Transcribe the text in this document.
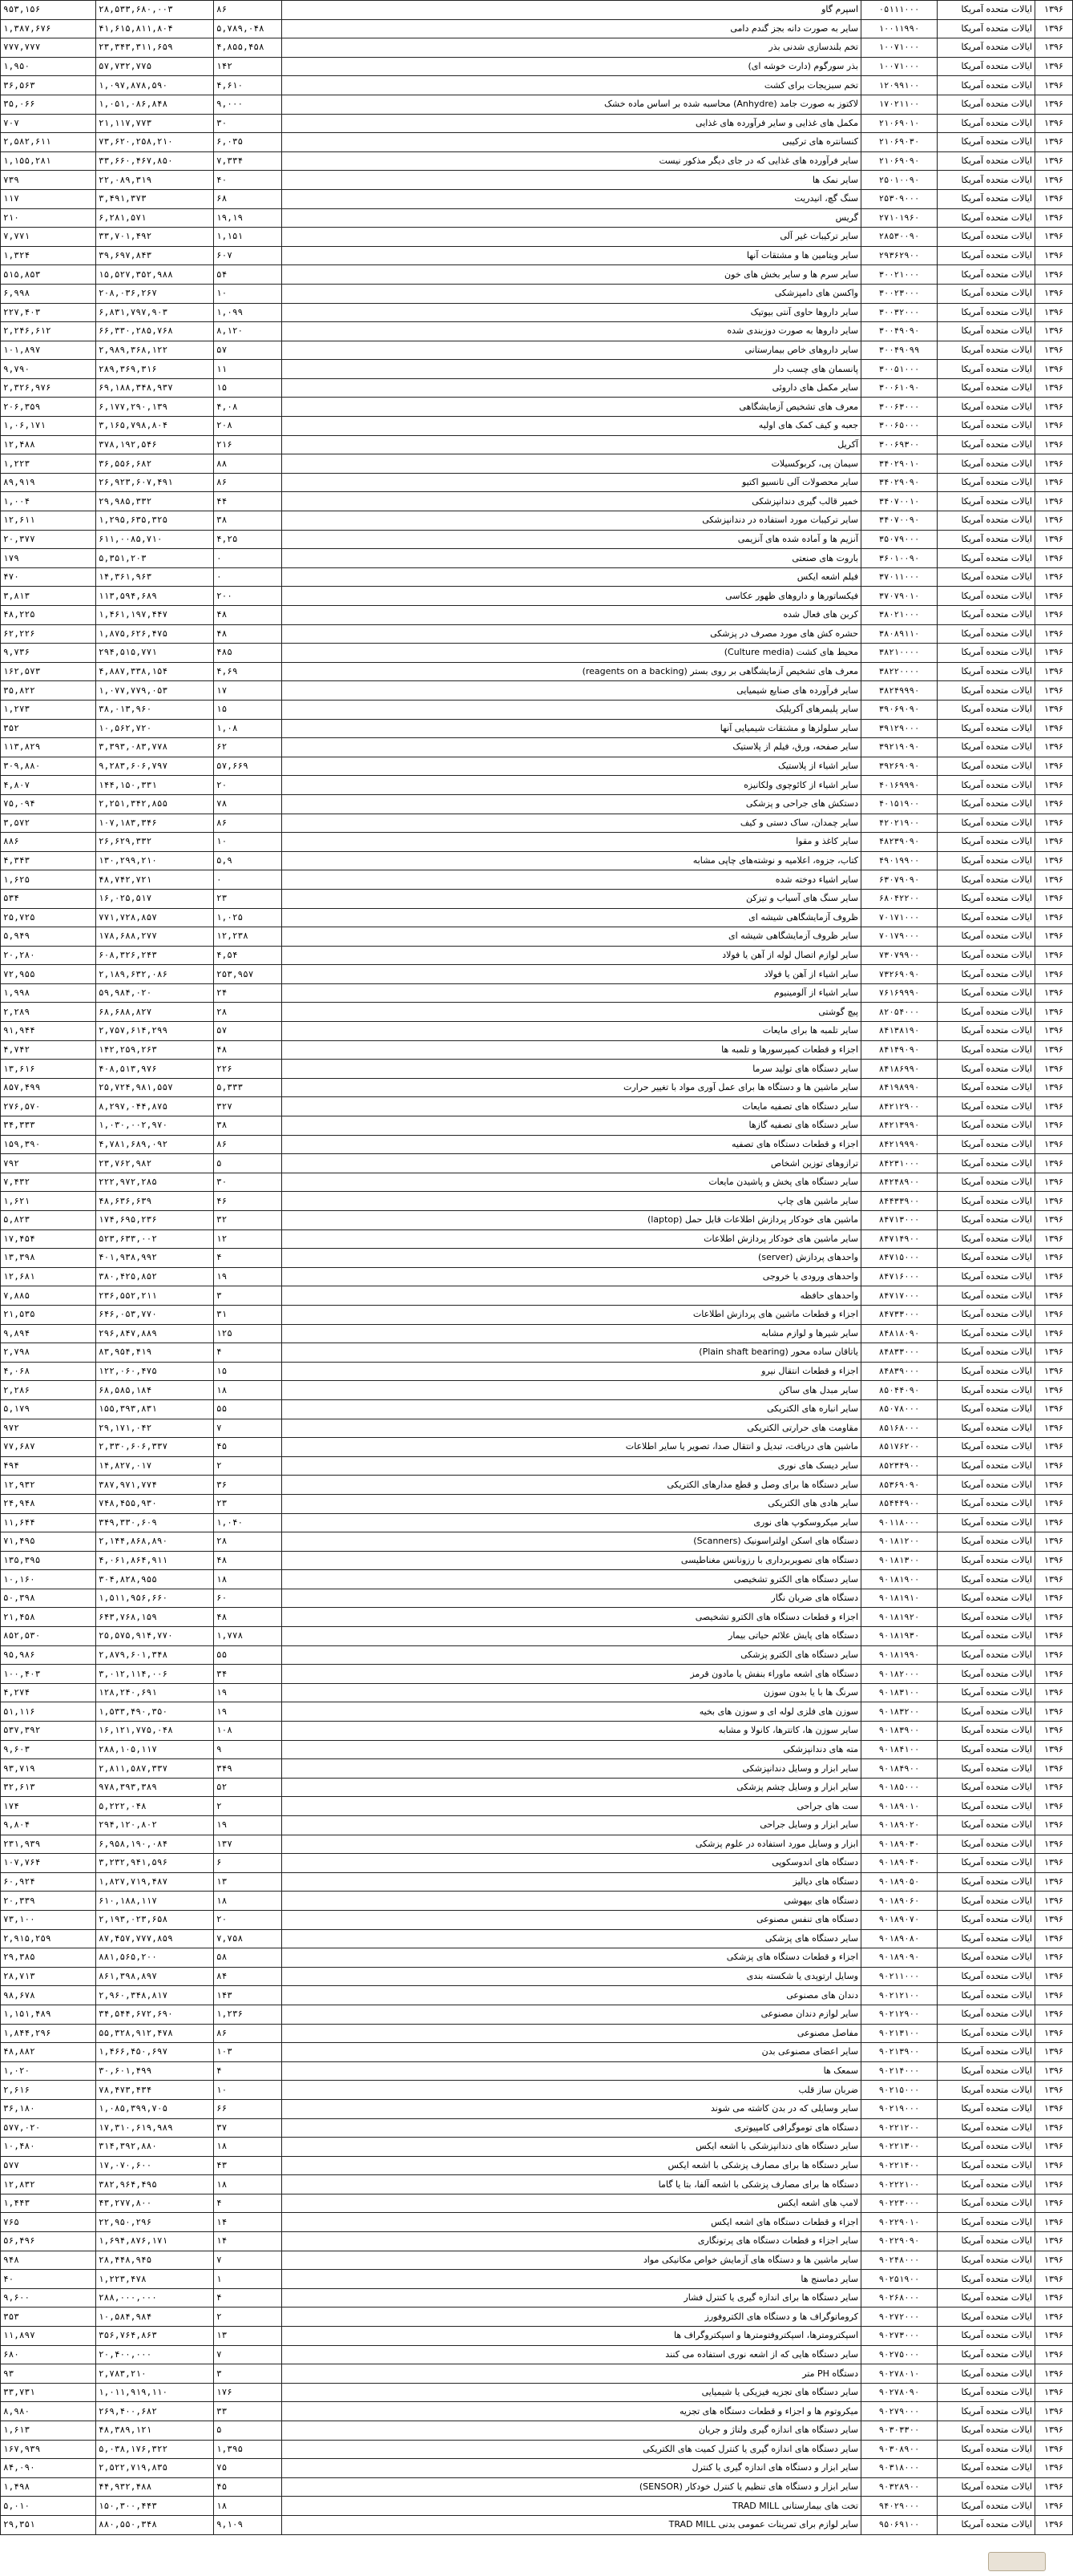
۱۳۹۶	ایالات متحده آمریکا	۰۵۱۱۱۰۰۰	اسپرم گاو	۸۶	۲۸,۵۳۳,۶۸۰,۰۰۳	۹۵۳,۱۵۶
۱۳۹۶	ایالات متحده آمریکا	۱۰۰۱۱۹۹۰	سایر به صورت دانه بجز گندم دامی	۵,۷۸۹,۰۴۸	۴۱,۶۱۵,۸۱۱,۸۰۴	۱,۳۸۷,۶۷۶
۱۳۹۶	ایالات متحده آمریکا	۱۰۰۷۱۰۰۰	تخم بلندسازی شدنی بذر	۴,۸۵۵,۴۵۸	۲۳,۳۴۳,۳۱۱,۶۵۹	۷۷۷,۷۷۷
۱۳۹۶	ایالات متحده آمریکا	۱۰۰۷۱۰۰۰	بذر سورگوم (دارت خوشه ای)	۱۴۲	۵۷,۷۳۲,۷۷۵	۱,۹۵۰
۱۳۹۶	ایالات متحده آمریکا	۱۲۰۹۹۱۰۰	تخم سبزیجات برای کشت	۴,۶۱۰	۱,۰۹۷,۸۷۸,۵۹۰	۳۶,۵۶۳
۱۳۹۶	ایالات متحده آمریکا	۱۷۰۲۱۱۰۰	لاکتوز به صورت جامد (Anhydre) محاسبه شده بر اساس ماده خشک	۹,۰۰۰	۱,۰۵۱,۰۸۶,۸۴۸	۳۵,۰۶۶
۱۳۹۶	ایالات متحده آمریکا	۲۱۰۶۹۰۱۰	مکمل های غذایی و سایر فرآورده های غذایی	۳۰	۲۱,۱۱۷,۷۷۳	۷۰۷
۱۳۹۶	ایالات متحده آمریکا	۲۱۰۶۹۰۳۰	کنسانتره های ترکیبی	۶,۰۳۵	۷۳,۶۲۰,۲۵۸,۲۱۰	۲,۵۸۲,۶۱۱
۱۳۹۶	ایالات متحده آمریکا	۲۱۰۶۹۰۹۰	سایر فرآورده های غذایی که در جای دیگر مذکور نیست	۷,۳۳۴	۳۳,۶۶۰,۴۶۷,۸۵۰	۱,۱۵۵,۲۸۱
۱۳۹۶	ایالات متحده آمریکا	۲۵۰۱۰۰۹۰	سایر نمک ها	۴۰	۲۲,۰۸۹,۳۱۹	۷۳۹
۱۳۹۶	ایالات متحده آمریکا	۲۵۳۰۹۰۰۰	سنگ گچ، انیدریت	۶۸	۳,۴۹۱,۳۷۳	۱۱۷
۱۳۹۶	ایالات متحده آمریکا	۲۷۱۰۱۹۶۰	گریس	۱۹,۱۹	۶,۲۸۱,۵۷۱	۲۱۰
۱۳۹۶	ایالات متحده آمریکا	۲۸۵۳۰۰۹۰	سایر ترکیبات غیر آلی	۱,۱۵۱	۳۳,۷۰۱,۴۹۲	۷,۷۷۱
۱۳۹۶	ایالات متحده آمریکا	۲۹۳۶۲۹۰۰	سایر ویتامین ها و مشتقات آنها	۶۰۷	۳۹,۶۹۷,۸۴۳	۱,۳۲۴
۱۳۹۶	ایالات متحده آمریکا	۳۰۰۲۱۰۰۰	سایر سرم ها و سایر بخش های خون	۵۴	۱۵,۵۲۷,۳۵۲,۹۸۸	۵۱۵,۸۵۳
۱۳۹۶	ایالات متحده آمریکا	۳۰۰۲۳۰۰۰	واکسن های دامپزشکی	۱۰	۲۰۸,۰۳۶,۲۶۷	۶,۹۹۸
۱۳۹۶	ایالات متحده آمریکا	۳۰۰۳۲۰۰۰	سایر داروها حاوی آنتی بیوتیک	۱,۰۹۹	۶,۸۳۱,۷۹۷,۹۰۳	۲۲۷,۴۰۳
۱۳۹۶	ایالات متحده آمریکا	۳۰۰۴۹۰۹۰	سایر داروها به صورت دوزبندی شده	۸,۱۲۰	۶۶,۳۳۰,۲۸۵,۷۶۸	۲,۲۴۶,۶۱۲
۱۳۹۶	ایالات متحده آمریکا	۳۰۰۴۹۰۹۹	سایر داروهای خاص بیمارستانی	۵۷	۲,۹۸۹,۳۶۸,۱۲۲	۱۰۱,۸۹۷
۱۳۹۶	ایالات متحده آمریکا	۳۰۰۵۱۰۰۰	پانسمان های چسب دار	۱۱	۲۸۹,۳۶۹,۳۱۶	۹,۷۹۰
۱۳۹۶	ایالات متحده آمریکا	۳۰۰۶۱۰۹۰	سایر مکمل های داروئی	۱۵	۶۹,۱۸۸,۳۴۸,۹۳۷	۲,۳۲۶,۹۷۶
۱۳۹۶	ایالات متحده آمریکا	۳۰۰۶۳۰۰۰	معرف های تشخیص آزمایشگاهی	۴,۰۸	۶,۱۷۷,۲۹۰,۱۳۹	۲۰۶,۳۵۹
۱۳۹۶	ایالات متحده آمریکا	۳۰۰۶۵۰۰۰	جعبه و کیف کمک های اولیه	۲۰۸	۳,۱۶۵,۷۹۸,۸۰۴	۱,۰۶,۱۷۱
۱۳۹۶	ایالات متحده آمریکا	۳۰۰۶۹۳۰۰	آکریل	۲۱۶	۳۷۸,۱۹۲,۵۴۶	۱۲,۴۸۸
۱۳۹۶	ایالات متحده آمریکا	۳۴۰۲۹۰۱۰	سیمان پی، کربوکسیلات	۸۸	۳۶,۵۵۶,۶۸۲	۱,۲۲۳
۱۳۹۶	ایالات متحده آمریکا	۳۴۰۲۹۰۹۰	سایر محصولات آلی تانسیو اکتیو	۸۶	۲۶,۹۲۳,۶۰۷,۴۹۱	۸۹,۹۱۹
۱۳۹۶	ایالات متحده آمریکا	۳۴۰۷۰۰۱۰	خمیر قالب گیری دندانپزشکی	۴۴	۲۹,۹۸۵,۳۳۲	۱,۰۰۴
۱۳۹۶	ایالات متحده آمریکا	۳۴۰۷۰۰۹۰	سایر ترکیبات مورد استفاده در دندانپزشکی	۳۸	۱,۲۹۵,۶۳۵,۳۲۵	۱۲,۶۱۱
۱۳۹۶	ایالات متحده آمریکا	۳۵۰۷۹۰۰۰	آنزیم ها و آماده شده های آنزیمی	۴,۲۵	۶۱۱,۰۰۸۵,۷۱۰	۲۰,۳۷۷
۱۳۹۶	ایالات متحده آمریکا	۳۶۰۱۰۰۹۰	باروت های صنعتی	۰	۵,۳۵۱,۲۰۳	۱۷۹
۱۳۹۶	ایالات متحده آمریکا	۳۷۰۱۱۰۰۰	فیلم اشعه ایکس	۰	۱۴,۳۶۱,۹۶۳	۴۷۰
۱۳۹۶	ایالات متحده آمریکا	۳۷۰۷۹۰۱۰	فیکساتورها و داروهای ظهور عکاسی	۲۰۰	۱۱۳,۵۹۴,۶۸۹	۳,۸۱۳
۱۳۹۶	ایالات متحده آمریکا	۳۸۰۲۱۰۰۰	کربن های فعال شده	۴۸	۱,۴۶۱,۱۹۷,۴۴۷	۴۸,۲۲۵
۱۳۹۶	ایالات متحده آمریکا	۳۸۰۸۹۱۱۰	حشره کش های مورد مصرف در پزشکی	۴۸	۱,۸۷۵,۶۲۶,۴۷۵	۶۲,۲۲۶
۱۳۹۶	ایالات متحده آمریکا	۳۸۲۱۰۰۰۰	محیط های کشت (Culture media)	۴۸۵	۲۹۴,۵۱۵,۷۷۱	۹,۷۳۶
۱۳۹۶	ایالات متحده آمریکا	۳۸۲۲۰۰۰۰	معرف های تشخیص آزمایشگاهی بر روی بستر (reagents on a backing)	۴,۶۹	۴,۸۸۷,۳۳۸,۱۵۴	۱۶۲,۵۷۳
۱۳۹۶	ایالات متحده آمریکا	۳۸۲۴۹۹۹۰	سایر فرآورده های صنایع شیمیایی	۱۷	۱,۰۷۷,۷۷۹,۰۵۳	۳۵,۸۲۲
۱۳۹۶	ایالات متحده آمریکا	۳۹۰۶۹۰۹۰	سایر پلیمرهای آکریلیک	۱۵	۳۸,۰۱۳,۹۶۰	۱,۲۷۳
۱۳۹۶	ایالات متحده آمریکا	۳۹۱۲۹۰۰۰	سایر سلولزها و مشتقات شیمیایی آنها	۱,۰۸	۱۰,۵۶۲,۷۲۰	۳۵۲
۱۳۹۶	ایالات متحده آمریکا	۳۹۲۱۹۰۹۰	سایر صفحه، ورق، فیلم از پلاستیک	۶۲	۳,۳۹۳,۰۸۳,۷۷۸	۱۱۳,۸۲۹
۱۳۹۶	ایالات متحده آمریکا	۳۹۲۶۹۰۹۰	سایر اشیاء از پلاستیک	۵۷,۶۶۹	۹,۲۸۳,۶۰۶,۷۹۷	۳۰۹,۸۸۰
۱۳۹۶	ایالات متحده آمریکا	۴۰۱۶۹۹۹۰	سایر اشیاء از کائوچوی ولکانیزه	۲۰	۱۴۴,۱۵۰,۳۳۱	۴,۸۰۷
۱۳۹۶	ایالات متحده آمریکا	۴۰۱۵۱۹۰۰	دستکش های جراحی و پزشکی	۷۸	۲,۲۵۱,۳۴۲,۸۵۵	۷۵,۰۹۴
۱۳۹۶	ایالات متحده آمریکا	۴۲۰۲۱۹۰۰	سایر چمدان، ساک دستی و کیف	۸۶	۱۰۷,۱۸۳,۳۴۶	۳,۵۷۲
۱۳۹۶	ایالات متحده آمریکا	۴۸۲۳۹۰۹۰	سایر کاغذ و مقوا	۱۰	۲۶,۶۲۹,۳۳۲	۸۸۶
۱۳۹۶	ایالات متحده آمریکا	۴۹۰۱۹۹۰۰	کتاب، جزوه، اعلامیه و نوشته‌های چاپی مشابه	۵,۹	۱۳۰,۲۹۹,۲۱۰	۴,۳۴۳
۱۳۹۶	ایالات متحده آمریکا	۶۳۰۷۹۰۹۰	سایر اشیاء دوخته شده	۰	۴۸,۷۴۲,۷۲۱	۱,۶۲۵
۱۳۹۶	ایالات متحده آمریکا	۶۸۰۴۲۲۰۰	سایر سنگ های آسیاب و تیزکن	۲۳	۱۶,۰۲۵,۵۱۷	۵۳۴
۱۳۹۶	ایالات متحده آمریکا	۷۰۱۷۱۰۰۰	ظروف آزمایشگاهی شیشه ای	۱,۰۲۵	۷۷۱,۷۲۸,۸۵۷	۲۵,۷۲۵
۱۳۹۶	ایالات متحده آمریکا	۷۰۱۷۹۰۰۰	سایر ظروف آزمایشگاهی شیشه ای	۱۲,۲۳۸	۱۷۸,۶۸۸,۲۷۷	۵,۹۴۹
۱۳۹۶	ایالات متحده آمریکا	۷۳۰۷۹۹۰۰	سایر لوازم اتصال لوله از آهن یا فولاد	۴,۵۴	۶۰۸,۳۲۶,۲۴۳	۲۰,۲۸۰
۱۳۹۶	ایالات متحده آمریکا	۷۳۲۶۹۰۹۰	سایر اشیاء از آهن یا فولاد	۲۵۳,۹۵۷	۲,۱۸۹,۶۳۲,۰۸۶	۷۲,۹۵۵
۱۳۹۶	ایالات متحده آمریکا	۷۶۱۶۹۹۹۰	سایر اشیاء از آلومینیوم	۲۴	۵۹,۹۸۴,۰۲۰	۱,۹۹۸
۱۳۹۶	ایالات متحده آمریکا	۸۲۰۵۴۰۰۰	پیچ گوشتی	۲۸	۶۸,۶۸۸,۸۲۷	۲,۲۸۹
۱۳۹۶	ایالات متحده آمریکا	۸۴۱۳۸۱۹۰	سایر تلمبه ها برای مایعات	۵۷	۲,۷۵۷,۶۱۴,۲۹۹	۹۱,۹۴۴
۱۳۹۶	ایالات متحده آمریکا	۸۴۱۴۹۰۹۰	اجزاء و قطعات کمپرسورها و تلمبه ها	۴۸	۱۴۲,۲۵۹,۲۶۳	۴,۷۴۲
۱۳۹۶	ایالات متحده آمریکا	۸۴۱۸۶۹۹۰	سایر دستگاه های تولید سرما	۲۲۶	۴۰۸,۵۱۳,۹۷۶	۱۳,۶۱۶
۱۳۹۶	ایالات متحده آمریکا	۸۴۱۹۸۹۹۰	سایر ماشین ها و دستگاه ها برای عمل آوری مواد با تغییر حرارت	۵,۳۳۳	۲۵,۷۲۴,۹۸۱,۵۵۷	۸۵۷,۴۹۹
۱۳۹۶	ایالات متحده آمریکا	۸۴۲۱۲۹۰۰	سایر دستگاه های تصفیه مایعات	۳۲۷	۸,۲۹۷,۰۴۴,۸۷۵	۲۷۶,۵۷۰
۱۳۹۶	ایالات متحده آمریکا	۸۴۲۱۳۹۹۰	سایر دستگاه های تصفیه گازها	۳۸	۱,۰۳۰,۰۰۲,۹۷۰	۳۴,۳۳۳
۱۳۹۶	ایالات متحده آمریکا	۸۴۲۱۹۹۹۰	اجزاء و قطعات دستگاه های تصفیه	۸۶	۴,۷۸۱,۶۸۹,۰۹۲	۱۵۹,۳۹۰
۱۳۹۶	ایالات متحده آمریکا	۸۴۲۳۱۰۰۰	ترازوهای توزین اشخاص	۵	۲۳,۷۶۲,۹۸۲	۷۹۲
۱۳۹۶	ایالات متحده آمریکا	۸۴۲۴۸۹۰۰	سایر دستگاه های پخش و پاشیدن مایعات	۳۰	۲۲۲,۹۷۲,۲۸۵	۷,۴۳۲
۱۳۹۶	ایالات متحده آمریکا	۸۴۴۳۳۹۰۰	سایر ماشین های چاپ	۴۶	۴۸,۶۳۶,۶۳۹	۱,۶۲۱
۱۳۹۶	ایالات متحده آمریکا	۸۴۷۱۳۰۰۰	ماشین های خودکار پردازش اطلاعات قابل حمل (laptop)	۳۲	۱۷۴,۶۹۵,۲۳۶	۵,۸۲۳
۱۳۹۶	ایالات متحده آمریکا	۸۴۷۱۴۹۰۰	سایر ماشین های خودکار پردازش اطلاعات	۱۲	۵۲۳,۶۳۳,۰۰۲	۱۷,۴۵۴
۱۳۹۶	ایالات متحده آمریکا	۸۴۷۱۵۰۰۰	واحدهای پردازش (server)	۴	۴۰۱,۹۳۸,۹۹۲	۱۳,۳۹۸
۱۳۹۶	ایالات متحده آمریکا	۸۴۷۱۶۰۰۰	واحدهای ورودی یا خروجی	۱۹	۳۸۰,۴۲۵,۸۵۲	۱۲,۶۸۱
۱۳۹۶	ایالات متحده آمریکا	۸۴۷۱۷۰۰۰	واحدهای حافظه	۳	۲۳۶,۵۵۲,۲۱۱	۷,۸۸۵
۱۳۹۶	ایالات متحده آمریکا	۸۴۷۳۳۰۰۰	اجزاء و قطعات ماشین های پردازش اطلاعات	۳۱	۶۴۶,۰۵۳,۷۷۰	۲۱,۵۳۵
۱۳۹۶	ایالات متحده آمریکا	۸۴۸۱۸۰۹۰	سایر شیرها و لوازم مشابه	۱۲۵	۲۹۶,۸۴۷,۸۸۹	۹,۸۹۴
۱۳۹۶	ایالات متحده آمریکا	۸۴۸۳۳۰۰۰	یاتاقان ساده محور (Plain shaft bearing)	۴	۸۳,۹۵۴,۴۱۹	۲,۷۹۸
۱۳۹۶	ایالات متحده آمریکا	۸۴۸۳۹۰۰۰	اجزاء و قطعات انتقال نیرو	۱۵	۱۲۲,۰۶۰,۴۷۵	۴,۰۶۸
۱۳۹۶	ایالات متحده آمریکا	۸۵۰۴۴۰۹۰	سایر مبدل های ساکن	۱۸	۶۸,۵۸۵,۱۸۴	۲,۲۸۶
۱۳۹۶	ایالات متحده آمریکا	۸۵۰۷۸۰۰۰	سایر انباره های الکتریکی	۵۵	۱۵۵,۳۹۳,۸۳۱	۵,۱۷۹
۱۳۹۶	ایالات متحده آمریکا	۸۵۱۶۸۰۰۰	مقاومت های حرارتی الکتریکی	۷	۲۹,۱۷۱,۰۴۲	۹۷۲
۱۳۹۶	ایالات متحده آمریکا	۸۵۱۷۶۲۰۰	ماشین های دریافت، تبدیل و انتقال صدا، تصویر یا سایر اطلاعات	۴۵	۲,۳۳۰,۶۰۶,۳۳۷	۷۷,۶۸۷
۱۳۹۶	ایالات متحده آمریکا	۸۵۲۳۴۹۰۰	سایر دیسک های نوری	۲	۱۴,۸۲۷,۰۱۷	۴۹۴
۱۳۹۶	ایالات متحده آمریکا	۸۵۳۶۹۰۹۰	سایر دستگاه ها برای وصل و قطع مدارهای الکتریکی	۳۶	۳۸۷,۹۷۱,۷۷۴	۱۲,۹۳۲
۱۳۹۶	ایالات متحده آمریکا	۸۵۴۴۴۹۰۰	سایر هادی های الکتریکی	۲۳	۷۴۸,۴۵۵,۹۳۰	۲۴,۹۴۸
۱۳۹۶	ایالات متحده آمریکا	۹۰۱۱۸۰۰۰	سایر میکروسکوپ های نوری	۱,۰۴۰	۳۴۹,۳۳۰,۶۰۹	۱۱,۶۴۴
۱۳۹۶	ایالات متحده آمریکا	۹۰۱۸۱۲۰۰	دستگاه های اسکن اولتراسونیک (Scanners)	۲۸	۲,۱۴۴,۸۶۸,۸۹۰	۷۱,۴۹۵
۱۳۹۶	ایالات متحده آمریکا	۹۰۱۸۱۳۰۰	دستگاه های تصویربرداری با رزونانس مغناطیسی	۴۸	۴,۰۶۱,۸۶۴,۹۱۱	۱۳۵,۳۹۵
۱۳۹۶	ایالات متحده آمریکا	۹۰۱۸۱۹۰۰	سایر دستگاه های الکترو تشخیصی	۱۸	۳۰۴,۸۲۸,۹۵۵	۱۰,۱۶۰
۱۳۹۶	ایالات متحده آمریکا	۹۰۱۸۱۹۱۰	دستگاه های ضربان نگار	۶۰	۱,۵۱۱,۹۵۶,۶۶۰	۵۰,۳۹۸
۱۳۹۶	ایالات متحده آمریکا	۹۰۱۸۱۹۲۰	اجزاء و قطعات دستگاه های الکترو تشخیصی	۴۸	۶۴۳,۷۶۸,۱۵۹	۲۱,۴۵۸
۱۳۹۶	ایالات متحده آمریکا	۹۰۱۸۱۹۳۰	دستگاه های پایش علائم حیاتی بیمار	۱,۷۷۸	۲۵,۵۷۵,۹۱۴,۷۷۰	۸۵۲,۵۳۰
۱۳۹۶	ایالات متحده آمریکا	۹۰۱۸۱۹۹۰	سایر دستگاه های الکترو پزشکی	۵۵	۲,۸۷۹,۶۰۱,۳۴۸	۹۵,۹۸۶
۱۳۹۶	ایالات متحده آمریکا	۹۰۱۸۲۰۰۰	دستگاه های اشعه ماوراء بنفش یا مادون قرمز	۳۴	۳,۰۱۲,۱۱۴,۰۰۶	۱۰۰,۴۰۳
۱۳۹۶	ایالات متحده آمریکا	۹۰۱۸۳۱۰۰	سرنگ ها با یا بدون سوزن	۱۹	۱۲۸,۲۴۰,۶۹۱	۴,۲۷۴
۱۳۹۶	ایالات متحده آمریکا	۹۰۱۸۳۲۰۰	سوزن های فلزی لوله ای و سوزن های بخیه	۱۹	۱,۵۳۳,۴۹۰,۳۵۰	۵۱,۱۱۶
۱۳۹۶	ایالات متحده آمریکا	۹۰۱۸۳۹۰۰	سایر سوزن ها، کاتترها، کانولا و مشابه	۱۰۸	۱۶,۱۲۱,۷۷۵,۰۴۸	۵۳۷,۳۹۲
۱۳۹۶	ایالات متحده آمریکا	۹۰۱۸۴۱۰۰	مته های دندانپزشکی	۹	۲۸۸,۱۰۵,۱۱۷	۹,۶۰۳
۱۳۹۶	ایالات متحده آمریکا	۹۰۱۸۴۹۰۰	سایر ابزار و وسایل دندانپزشکی	۳۴۹	۲,۸۱۱,۵۸۷,۳۳۷	۹۳,۷۱۹
۱۳۹۶	ایالات متحده آمریکا	۹۰۱۸۵۰۰۰	سایر ابزار و وسایل چشم پزشکی	۵۲	۹۷۸,۳۹۳,۳۸۹	۳۲,۶۱۳
۱۳۹۶	ایالات متحده آمریکا	۹۰۱۸۹۰۱۰	ست های جراحی	۲	۵,۲۲۲,۰۴۸	۱۷۴
۱۳۹۶	ایالات متحده آمریکا	۹۰۱۸۹۰۲۰	سایر ابزار و وسایل جراحی	۱۹	۲۹۴,۱۲۰,۸۰۲	۹,۸۰۴
۱۳۹۶	ایالات متحده آمریکا	۹۰۱۸۹۰۳۰	ابزار و وسایل مورد استفاده در علوم پزشکی	۱۳۷	۶,۹۵۸,۱۹۰,۰۸۴	۲۳۱,۹۳۹
۱۳۹۶	ایالات متحده آمریکا	۹۰۱۸۹۰۴۰	دستگاه های اندوسکوپی	۶	۳,۲۳۲,۹۴۱,۵۹۶	۱۰۷,۷۶۴
۱۳۹۶	ایالات متحده آمریکا	۹۰۱۸۹۰۵۰	دستگاه های دیالیز	۱۳	۱,۸۲۷,۷۱۹,۴۸۷	۶۰,۹۲۴
۱۳۹۶	ایالات متحده آمریکا	۹۰۱۸۹۰۶۰	دستگاه های بیهوشی	۱۸	۶۱۰,۱۸۸,۱۱۷	۲۰,۳۳۹
۱۳۹۶	ایالات متحده آمریکا	۹۰۱۸۹۰۷۰	دستگاه های تنفس مصنوعی	۲۰	۲,۱۹۳,۰۲۳,۶۵۸	۷۳,۱۰۰
۱۳۹۶	ایالات متحده آمریکا	۹۰۱۸۹۰۸۰	سایر دستگاه های پزشکی	۷,۷۵۸	۸۷,۴۵۷,۷۷۷,۸۵۹	۲,۹۱۵,۲۵۹
۱۳۹۶	ایالات متحده آمریکا	۹۰۱۸۹۰۹۰	اجزاء و قطعات دستگاه های پزشکی	۵۸	۸۸۱,۵۶۵,۲۰۰	۲۹,۳۸۵
۱۳۹۶	ایالات متحده آمریکا	۹۰۲۱۱۰۰۰	وسایل ارتوپدی یا شکسته بندی	۸۴	۸۶۱,۳۹۸,۸۹۷	۲۸,۷۱۳
۱۳۹۶	ایالات متحده آمریکا	۹۰۲۱۲۱۰۰	دندان های مصنوعی	۱۴۳	۲,۹۶۰,۳۴۸,۸۱۷	۹۸,۶۷۸
۱۳۹۶	ایالات متحده آمریکا	۹۰۲۱۲۹۰۰	سایر لوازم دندان مصنوعی	۱,۲۳۶	۳۴,۵۴۴,۶۷۲,۶۹۰	۱,۱۵۱,۴۸۹
۱۳۹۶	ایالات متحده آمریکا	۹۰۲۱۳۱۰۰	مفاصل مصنوعی	۸۶	۵۵,۳۲۸,۹۱۲,۴۷۸	۱,۸۴۴,۲۹۶
۱۳۹۶	ایالات متحده آمریکا	۹۰۲۱۳۹۰۰	سایر اعضای مصنوعی بدن	۱۰۳	۱,۴۶۶,۴۵۰,۶۹۷	۴۸,۸۸۲
۱۳۹۶	ایالات متحده آمریکا	۹۰۲۱۴۰۰۰	سمعک ها	۴	۳۰,۶۰۱,۴۹۹	۱,۰۲۰
۱۳۹۶	ایالات متحده آمریکا	۹۰۲۱۵۰۰۰	ضربان ساز قلب	۱۰	۷۸,۴۷۳,۴۳۴	۲,۶۱۶
۱۳۹۶	ایالات متحده آمریکا	۹۰۲۱۹۰۰۰	سایر وسایلی که در بدن کاشته می شوند	۶۶	۱,۰۸۵,۳۹۹,۷۰۵	۳۶,۱۸۰
۱۳۹۶	ایالات متحده آمریکا	۹۰۲۲۱۲۰۰	دستگاه های توموگرافی کامپیوتری	۳۷	۱۷,۳۱۰,۶۱۹,۹۸۹	۵۷۷,۰۲۰
۱۳۹۶	ایالات متحده آمریکا	۹۰۲۲۱۳۰۰	سایر دستگاه های دندانپزشکی با اشعه ایکس	۱۸	۳۱۴,۳۹۲,۸۸۰	۱۰,۴۸۰
۱۳۹۶	ایالات متحده آمریکا	۹۰۲۲۱۴۰۰	سایر دستگاه ها برای مصارف پزشکی با اشعه ایکس	۴۳	۱۷,۰۷۰,۶۰۰	۵۷۷
۱۳۹۶	ایالات متحده آمریکا	۹۰۲۲۲۱۰۰	دستگاه ها برای مصارف پزشکی با اشعه آلفا، بتا یا گاما	۱۸	۳۸۲,۹۶۴,۴۹۵	۱۲,۸۳۲
۱۳۹۶	ایالات متحده آمریکا	۹۰۲۲۳۰۰۰	لامپ های اشعه ایکس	۴	۴۳,۲۷۷,۸۰۰	۱,۴۴۳
۱۳۹۶	ایالات متحده آمریکا	۹۰۲۲۹۰۱۰	اجزاء و قطعات دستگاه های اشعه ایکس	۱۴	۲۲,۹۵۰,۲۹۶	۷۶۵
۱۳۹۶	ایالات متحده آمریکا	۹۰۲۲۹۰۹۰	سایر اجزاء و قطعات دستگاه های پرتونگاری	۱۴	۱,۶۹۴,۸۷۶,۱۷۱	۵۶,۴۹۶
۱۳۹۶	ایالات متحده آمریکا	۹۰۲۴۸۰۰۰	سایر ماشین ها و دستگاه های آزمایش خواص مکانیکی مواد	۷	۲۸,۴۴۸,۹۴۵	۹۴۸
۱۳۹۶	ایالات متحده آمریکا	۹۰۲۵۱۹۰۰	سایر دماسنج ها	۱	۱,۲۲۳,۴۷۸	۴۰
۱۳۹۶	ایالات متحده آمریکا	۹۰۲۶۸۰۰۰	سایر دستگاه ها برای اندازه گیری یا کنترل فشار	۴	۲۸۸,۰۰۰,۰۰۰	۹,۶۰۰
۱۳۹۶	ایالات متحده آمریکا	۹۰۲۷۲۰۰۰	کروماتوگراف ها و دستگاه های الکتروفورز	۲	۱۰,۵۸۴,۹۸۴	۳۵۳
۱۳۹۶	ایالات متحده آمریکا	۹۰۲۷۳۰۰۰	اسپکترومترها، اسپکتروفتومترها و اسپکتروگراف ها	۱۳	۳۵۶,۷۶۴,۸۶۳	۱۱,۸۹۷
۱۳۹۶	ایالات متحده آمریکا	۹۰۲۷۵۰۰۰	سایر دستگاه هایی که از اشعه نوری استفاده می کنند	۷	۲۰,۴۰۰,۰۰۰	۶۸۰
۱۳۹۶	ایالات متحده آمریکا	۹۰۲۷۸۰۱۰	دستگاه PH متر	۳	۲,۷۸۳,۲۱۰	۹۳
۱۳۹۶	ایالات متحده آمریکا	۹۰۲۷۸۰۹۰	سایر دستگاه های تجزیه فیزیکی یا شیمیایی	۱۷۶	۱,۰۱۱,۹۱۹,۱۱۰	۳۳,۷۳۱
۱۳۹۶	ایالات متحده آمریکا	۹۰۲۷۹۰۰۰	میکروتوم ها و اجزاء و قطعات دستگاه های تجزیه	۳۳	۲۶۹,۴۰۰,۶۸۲	۸,۹۸۰
۱۳۹۶	ایالات متحده آمریکا	۹۰۳۰۳۳۰۰	سایر دستگاه های اندازه گیری ولتاژ و جریان	۵	۴۸,۳۸۹,۱۲۱	۱,۶۱۳
۱۳۹۶	ایالات متحده آمریکا	۹۰۳۰۸۹۰۰	سایر دستگاه های اندازه گیری یا کنترل کمیت های الکتریکی	۱,۳۹۵	۵,۰۳۸,۱۷۶,۳۲۲	۱۶۷,۹۳۹
۱۳۹۶	ایالات متحده آمریکا	۹۰۳۱۸۰۰۰	سایر ابزار و دستگاه های اندازه گیری یا کنترل	۷۵	۲,۵۲۲,۷۱۹,۸۳۵	۸۴,۰۹۰
۱۳۹۶	ایالات متحده آمریکا	۹۰۳۲۸۹۰۰	سایر ابزار و دستگاه های تنظیم یا کنترل خودکار (SENSOR)	۴۵	۴۴,۹۳۲,۴۸۸	۱,۴۹۸
۱۳۹۶	ایالات متحده آمریکا	۹۴۰۲۹۰۰۰	تخت های بیمارستانی TRAD MILL	۱۸	۱۵۰,۳۰۰,۴۴۳	۵,۰۱۰
۱۳۹۶	ایالات متحده آمریکا	۹۵۰۶۹۱۰۰	سایر لوازم برای تمرینات عمومی بدنی TRAD MILL	۹,۱۰۹	۸۸۰,۵۵۰,۳۴۸	۲۹,۳۵۱
